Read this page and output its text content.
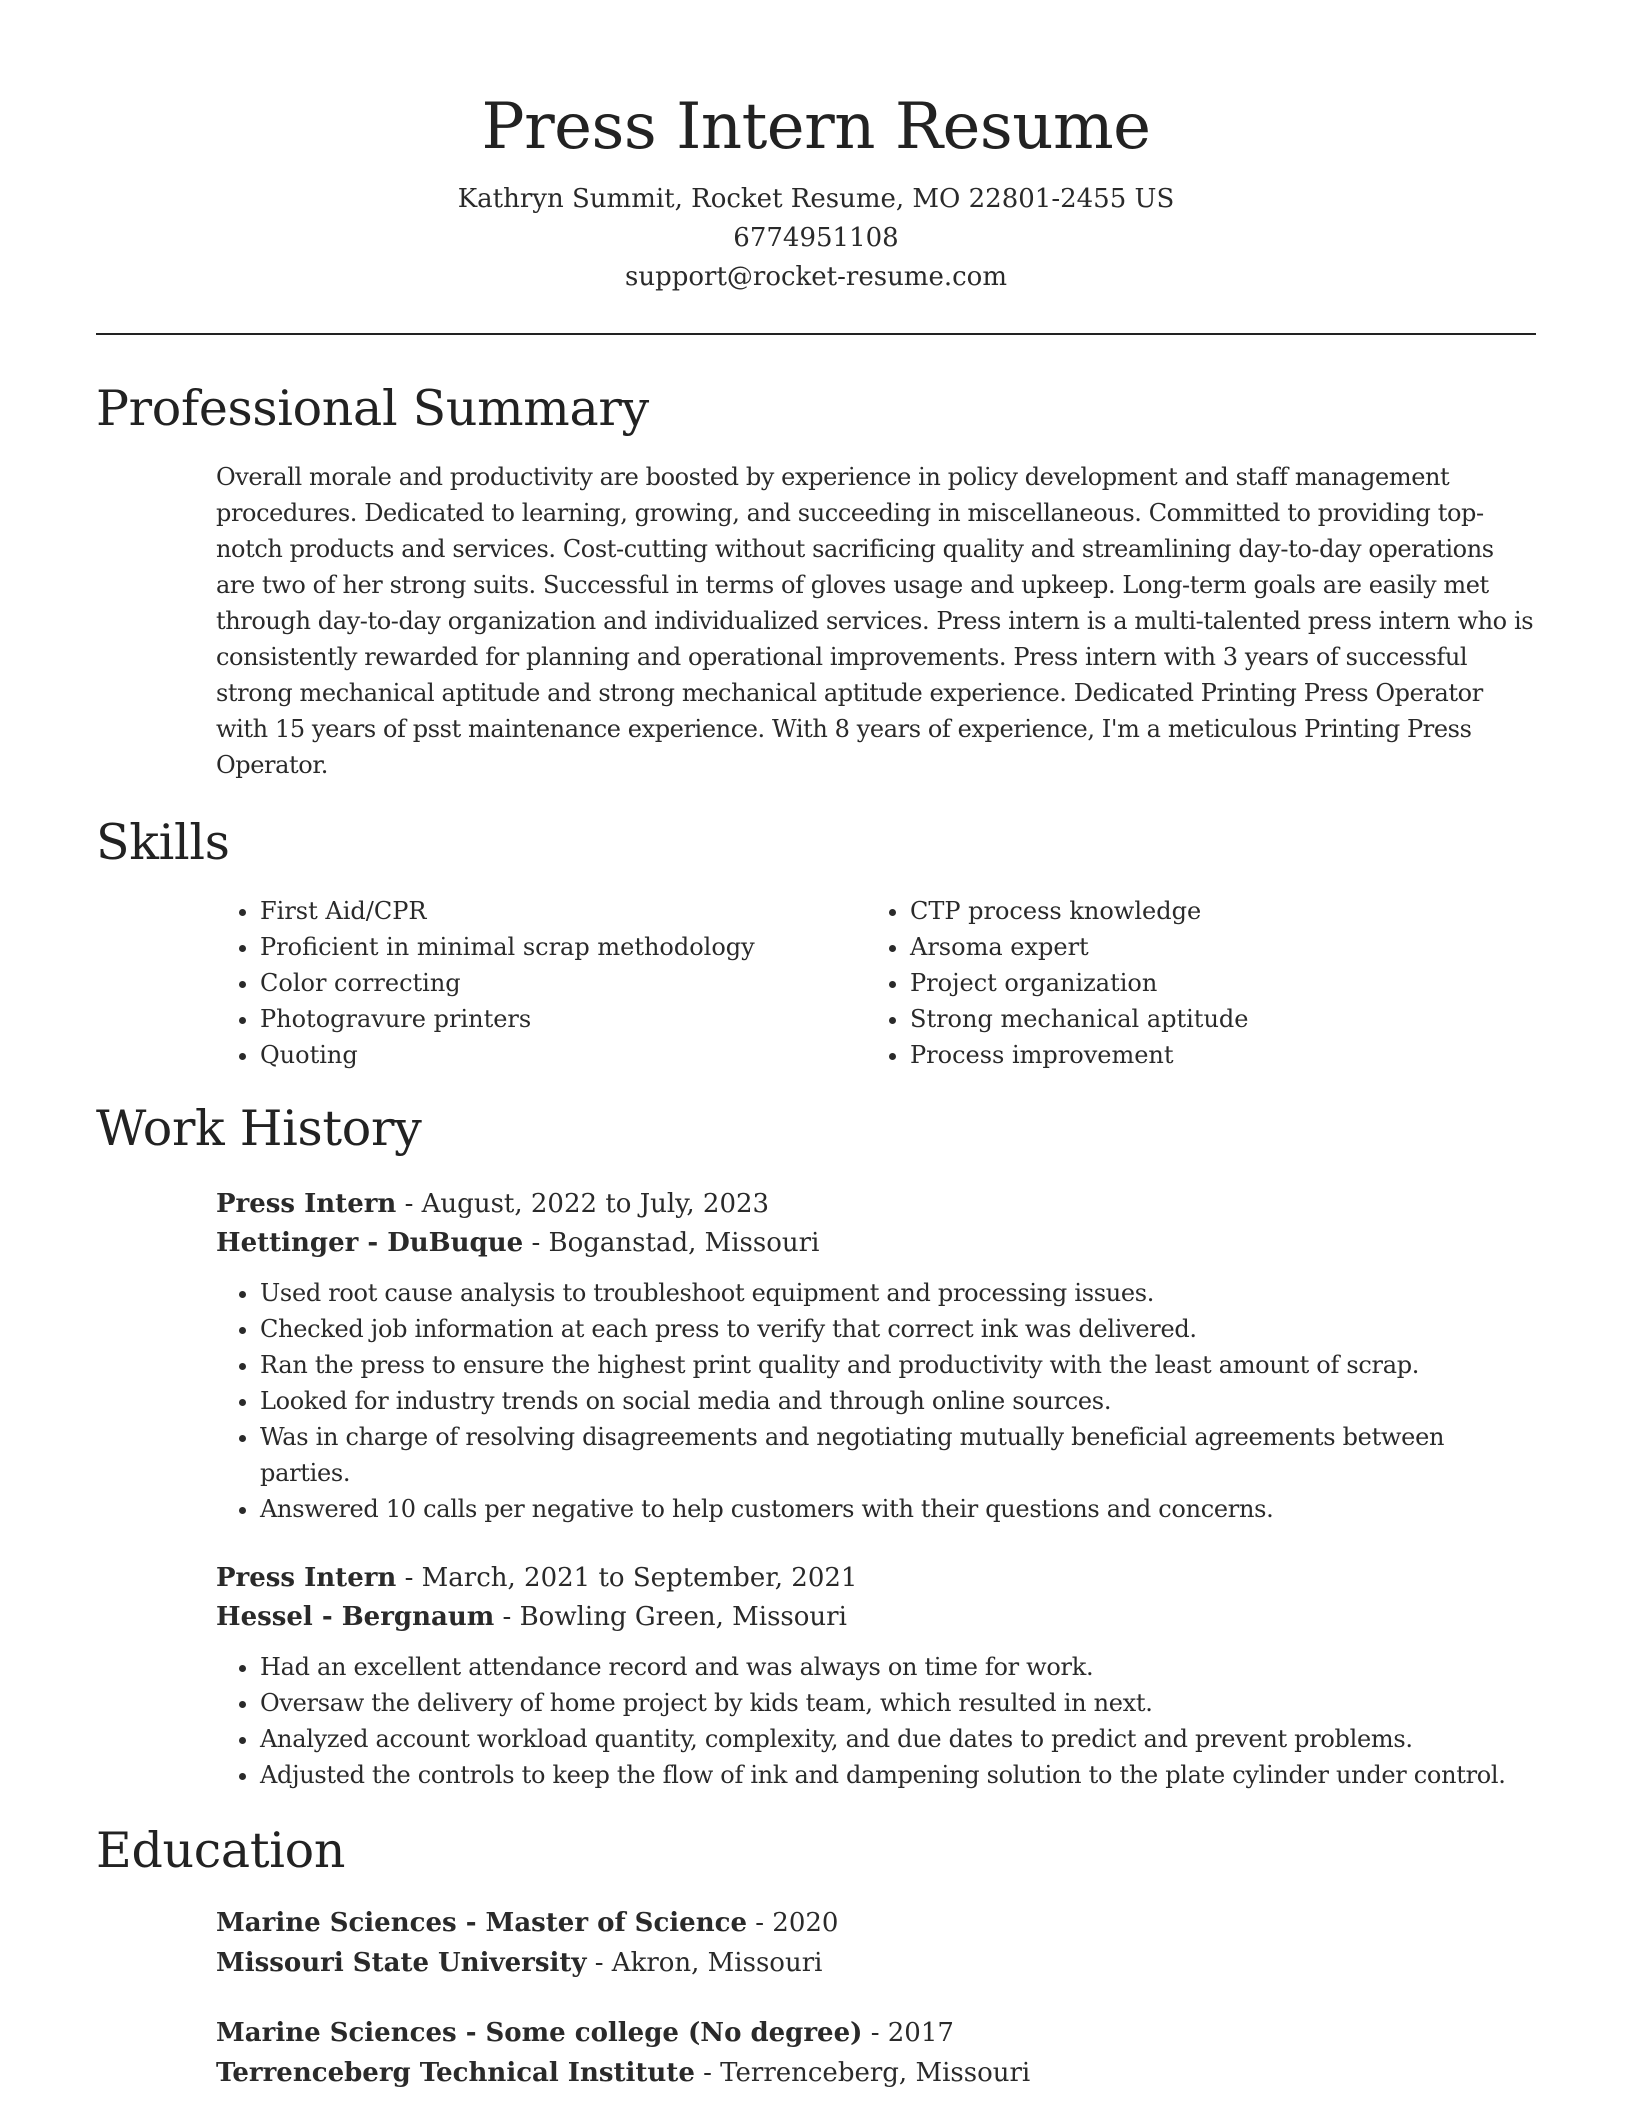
Press Intern Resume
Kathryn Summit, Rocket Resume, MO 22801-2455 US
6774951108
support@rocket-resume.com
Professional Summary
Overall morale and productivity are boosted by experience in policy development and staff management procedures. Dedicated to learning, growing, and succeeding in miscellaneous. Committed to providing top-notch products and services. Cost-cutting without sacrificing quality and streamlining day-to-day operations are two of her strong suits. Successful in terms of gloves usage and upkeep. Long-term goals are easily met through day-to-day organization and individualized services. Press intern is a multi-talented press intern who is consistently rewarded for planning and operational improvements. Press intern with 3 years of successful strong mechanical aptitude and strong mechanical aptitude experience. Dedicated Printing Press Operator with 15 years of psst maintenance experience. With 8 years of experience, I'm a meticulous Printing Press Operator.
Skills
• First Aid/CPR
• Proficient in minimal scrap methodology
• Color correcting
• Photogravure printers
• Quoting
• CTP process knowledge
• Arsoma expert
• Project organization
• Strong mechanical aptitude
• Process improvement
Work History
Press Intern - August, 2022 to July, 2023
Hettinger - DuBuque - Boganstad, Missouri
• Used root cause analysis to troubleshoot equipment and processing issues.
• Checked job information at each press to verify that correct ink was delivered.
• Ran the press to ensure the highest print quality and productivity with the least amount of scrap.
• Looked for industry trends on social media and through online sources.
• Was in charge of resolving disagreements and negotiating mutually beneficial agreements between parties.
• Answered 10 calls per negative to help customers with their questions and concerns.
Press Intern - March, 2021 to September, 2021
Hessel - Bergnaum - Bowling Green, Missouri
• Had an excellent attendance record and was always on time for work.
• Oversaw the delivery of home project by kids team, which resulted in next.
• Analyzed account workload quantity, complexity, and due dates to predict and prevent problems.
• Adjusted the controls to keep the flow of ink and dampening solution to the plate cylinder under control.
Education
Marine Sciences - Master of Science - 2020
Missouri State University - Akron, Missouri
Marine Sciences - Some college (No degree) - 2017
Terrenceberg Technical Institute - Terrenceberg, Missouri
